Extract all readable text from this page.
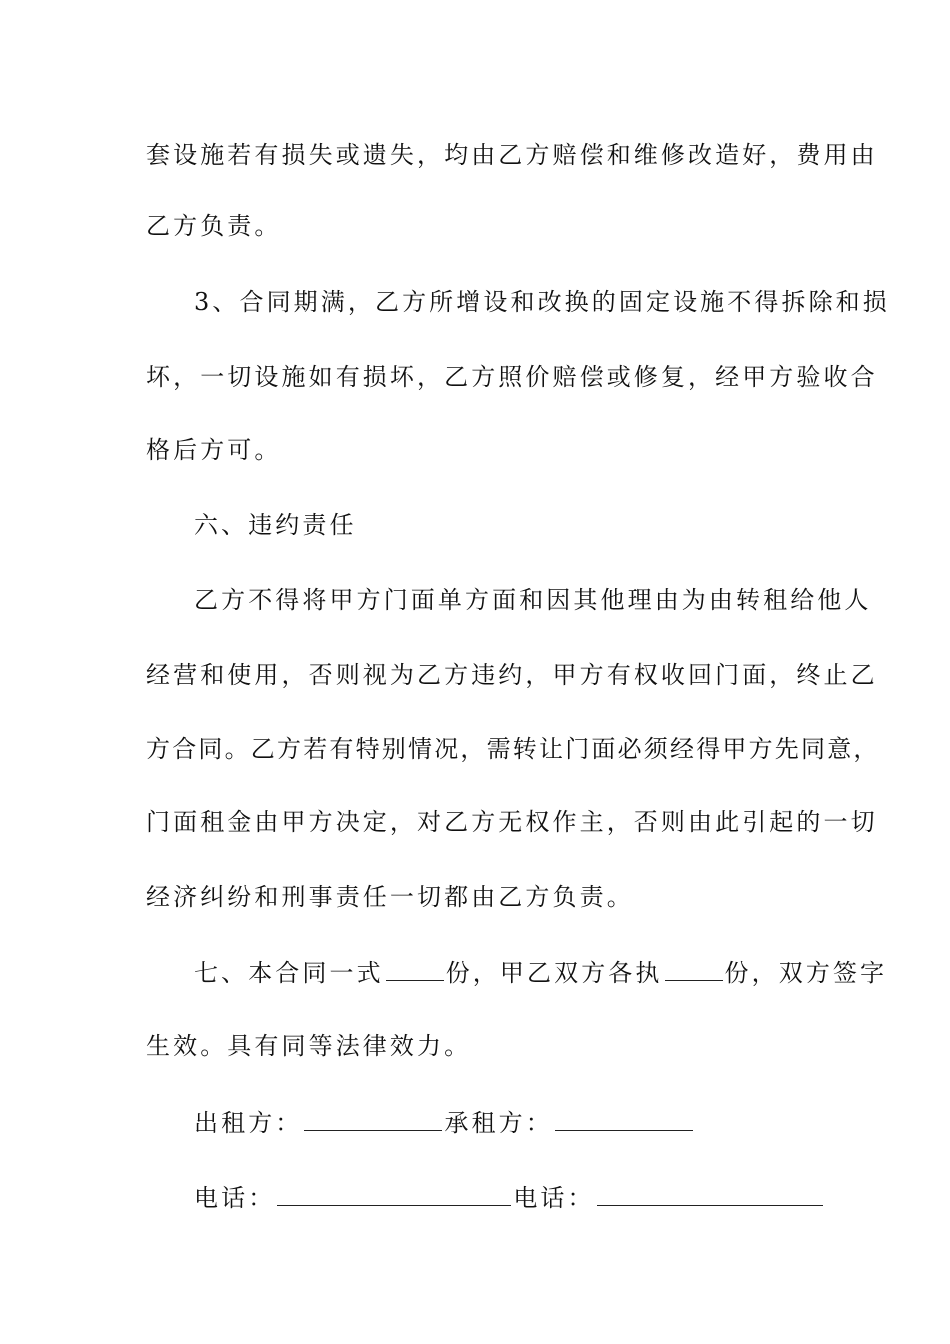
套设施若有损失或遗失，均由乙方赔偿和维修改造好，费用由
乙方负责。
3、合同期满，乙方所增设和改换的固定设施不得拆除和损
坏，一切设施如有损坏，乙方照价赔偿或修复，经甲方验收合
格后方可。
六、违约责任
乙方不得将甲方门面单方面和因其他理由为由转租给他人
经营和使用，否则视为乙方违约，甲方有权收回门面，终止乙
方合同。乙方若有特别情况，需转让门面必须经得甲方先同意，
门面租金由甲方决定，对乙方无权作主，否则由此引起的一切
经济纠纷和刑事责任一切都由乙方负责。
七、本合同一式	份，甲乙双方各执	份，双方签字
生效。具有同等法律效力。
出租方：	承租方：
电话：	电话：
